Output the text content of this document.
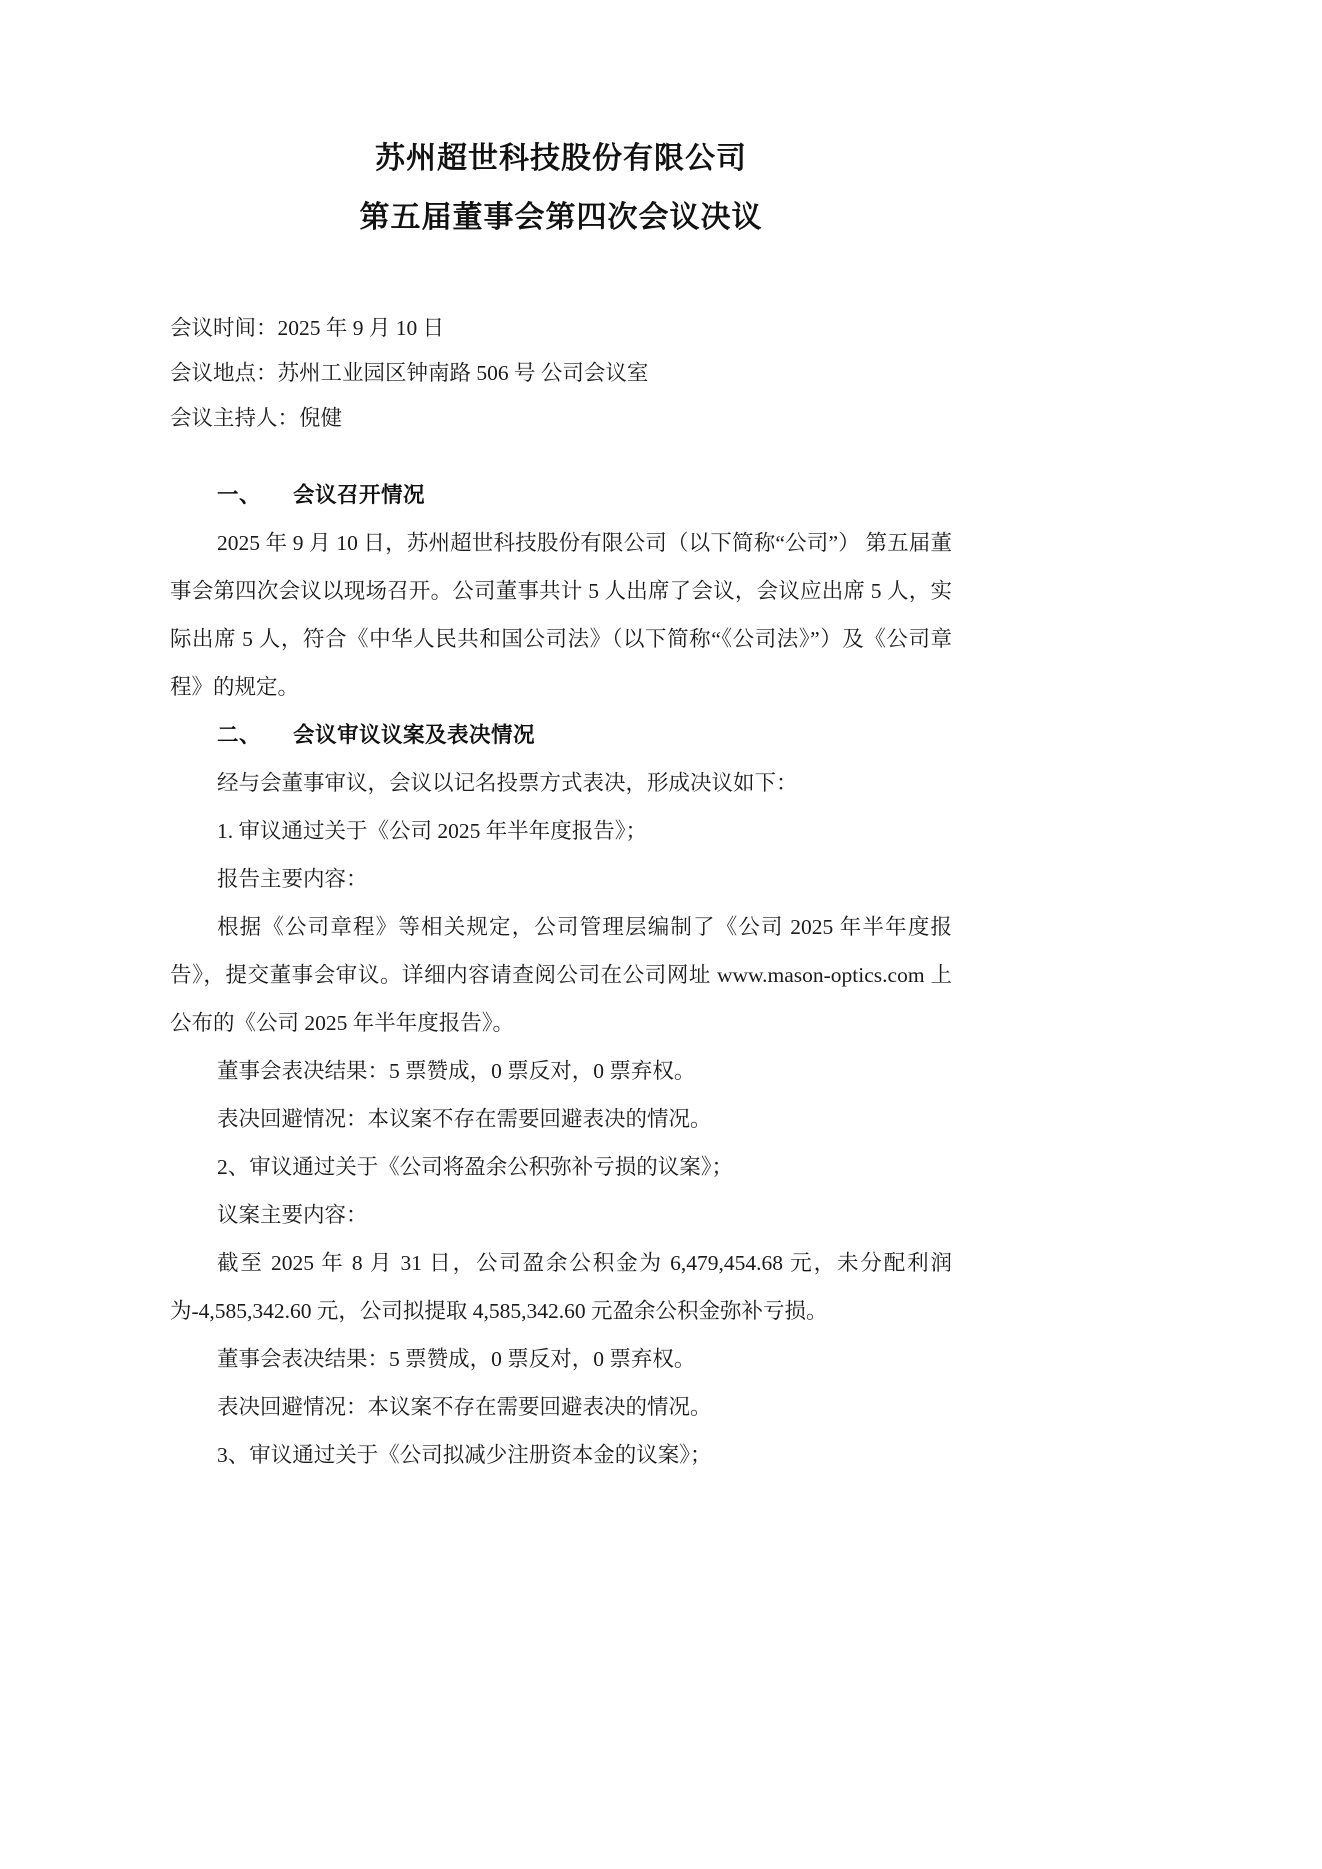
苏州超世科技股份有限公司
第五届董事会第四次会议决议
会议时间：2025 年 9 月 10 日
会议地点：苏州工业园区钟南路 506 号 公司会议室
会议主持人：倪健
一、 会议召开情况

2025 年 9 月 10 日，苏州超世科技股份有限公司（以下简称“公司”） 第五届董事会第四次会议以现场召开。公司董事共计 5 人出席了会议，会议应出席 5 人，实际出席 5 人，符合《中华人民共和国公司法》（以下简称“《公司法》”）及《公司章程》的规定。

二、 会议审议议案及表决情况

经与会董事审议，会议以记名投票方式表决，形成决议如下：

1. 审议通过关于《公司 2025 年半年度报告》；

报告主要内容：

根据《公司章程》等相关规定，公司管理层编制了《公司 2025 年半年度报告》，提交董事会审议。详细内容请查阅公司在公司网址 www.mason-optics.com 上公布的《公司 2025 年半年度报告》。

董事会表决结果：5 票赞成，0 票反对，0 票弃权。

表决回避情况：本议案不存在需要回避表决的情况。

2、审议通过关于《公司将盈余公积弥补亏损的议案》；

议案主要内容：

截至 2025 年 8 月 31 日，公司盈余公积金为 6,479,454.68 元，未分配利润为-4,585,342.60 元，公司拟提取 4,585,342.60 元盈余公积金弥补亏损。

董事会表决结果：5 票赞成，0 票反对，0 票弃权。

表决回避情况：本议案不存在需要回避表决的情况。

3、审议通过关于《公司拟减少注册资本金的议案》；
